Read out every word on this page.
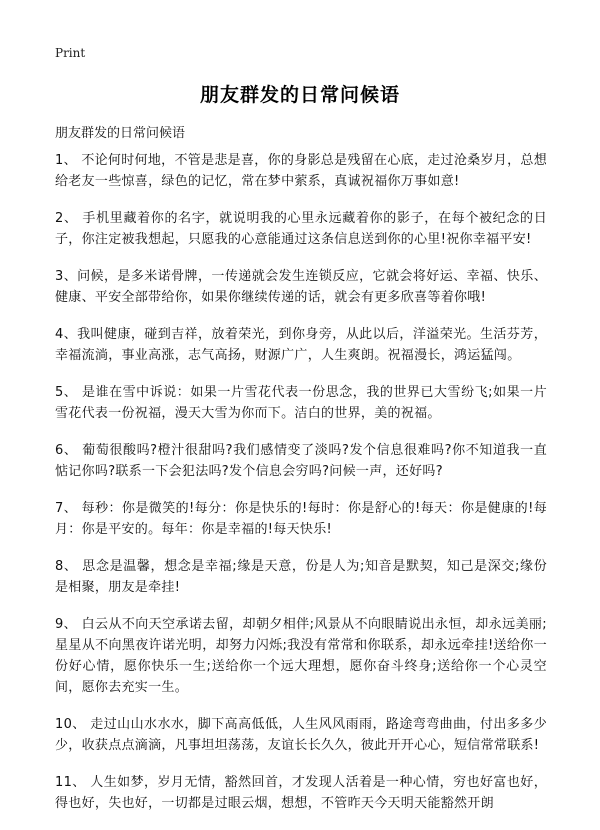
Print
朋友群发的日常问候语
朋友群发的日常问候语

1、 不论何时何地，不管是悲是喜，你的身影总是残留在心底，走过沧桑岁月，总想给老友一些惊喜，绿色的记忆，常在梦中萦系，真诚祝福你万事如意!

2、 手机里藏着你的名字，就说明我的心里永远藏着你的影子，在每个被纪念的日子，你注定被我想起，只愿我的心意能通过这条信息送到你的心里!祝你幸福平安!

3、问候，是多米诺骨牌，一传递就会发生连锁反应，它就会将好运、幸福、快乐、健康、平安全部带给你，如果你继续传递的话，就会有更多欣喜等着你哦!

4、我叫健康，碰到吉祥，放着荣光，到你身旁，从此以后，洋溢荣光。生活芬芳，幸福流淌，事业高涨，志气高扬，财源广广，人生爽朗。祝福漫长，鸿运猛闯。

5、 是谁在雪中诉说：如果一片雪花代表一份思念，我的世界已大雪纷飞;如果一片雪花代表一份祝福，漫天大雪为你而下。洁白的世界，美的祝福。

6、 葡萄很酸吗?橙汁很甜吗?我们感情变了淡吗?发个信息很难吗?你不知道我一直惦记你吗?联系一下会犯法吗?发个信息会穷吗?问候一声，还好吗?

7、 每秒：你是微笑的!每分：你是快乐的!每时：你是舒心的!每天：你是健康的!每月：你是平安的。每年：你是幸福的!每天快乐!

8、 思念是温馨，想念是幸福;缘是天意，份是人为;知音是默契，知己是深交;缘份是相聚，朋友是牵挂!

9、 白云从不向天空承诺去留，却朝夕相伴;风景从不向眼睛说出永恒，却永远美丽;星星从不向黑夜许诺光明，却努力闪烁;我没有常常和你联系，却永远牵挂!送给你一份好心情，愿你快乐一生;送给你一个远大理想，愿你奋斗终身;送给你一个心灵空间，愿你去充实一生。

10、 走过山山水水水，脚下高高低低，人生风风雨雨，路途弯弯曲曲，付出多多少少，收获点点滴滴，凡事坦坦荡荡，友谊长长久久，彼此开开心心，短信常常联系!

11、 人生如梦，岁月无情，豁然回首，才发现人活着是一种心情，穷也好富也好，得也好，失也好，一切都是过眼云烟，想想，不管昨天今天明天能豁然开朗
